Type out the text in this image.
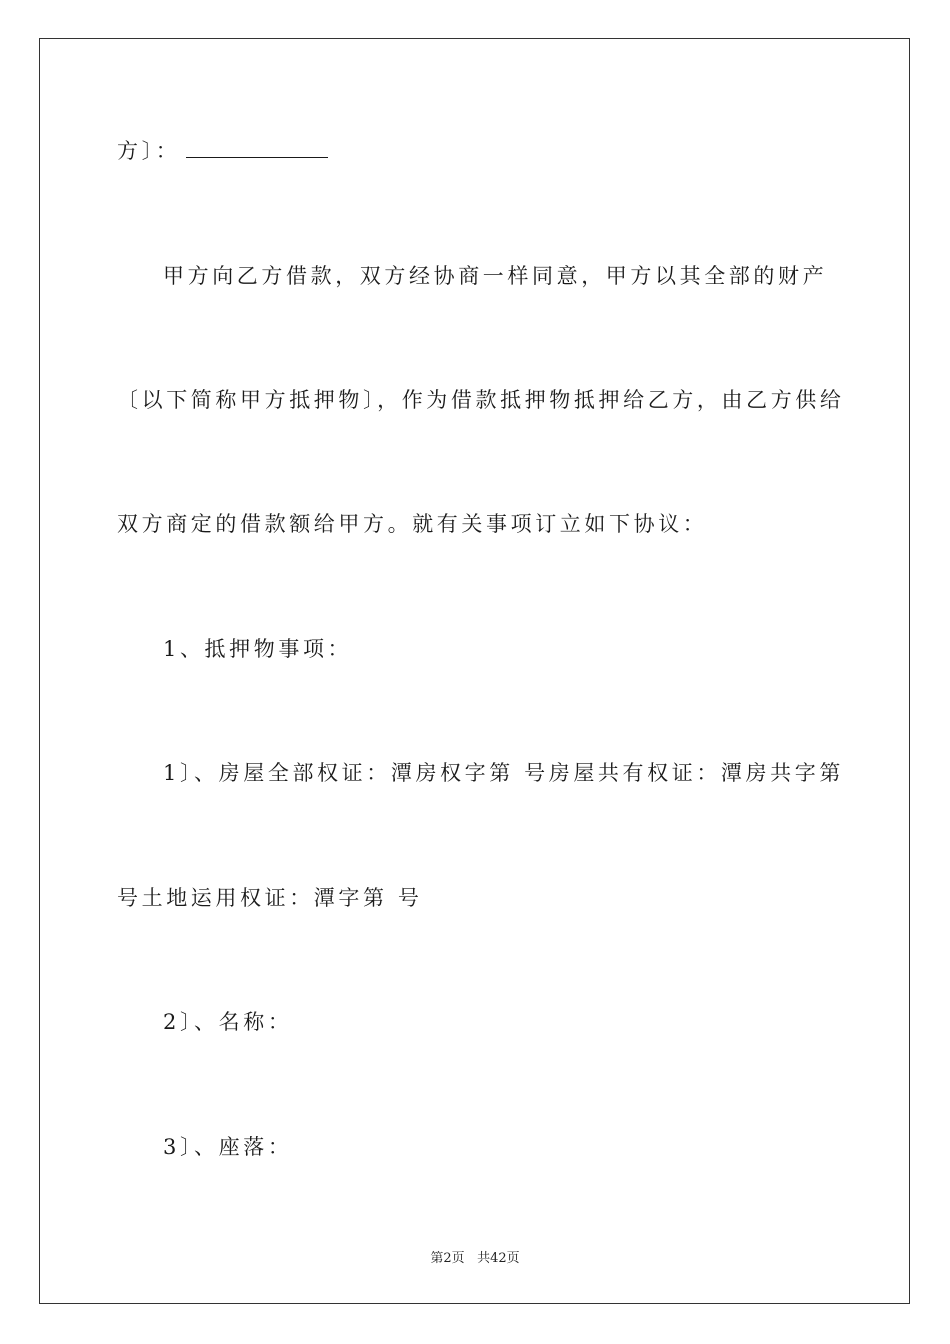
方〕：
甲方向乙方借款，双方经协商一样同意，甲方以其全部的财产
〔以下简称甲方抵押物〕，作为借款抵押物抵押给乙方，由乙方供给
双方商定的借款额给甲方。就有关事项订立如下协议：
1、抵押物事项：
1〕、房屋全部权证：潭房权字第 号房屋共有权证：潭房共字第
号土地运用权证：潭字第 号
2〕、名称：
3〕、座落：
第2页 共42页
